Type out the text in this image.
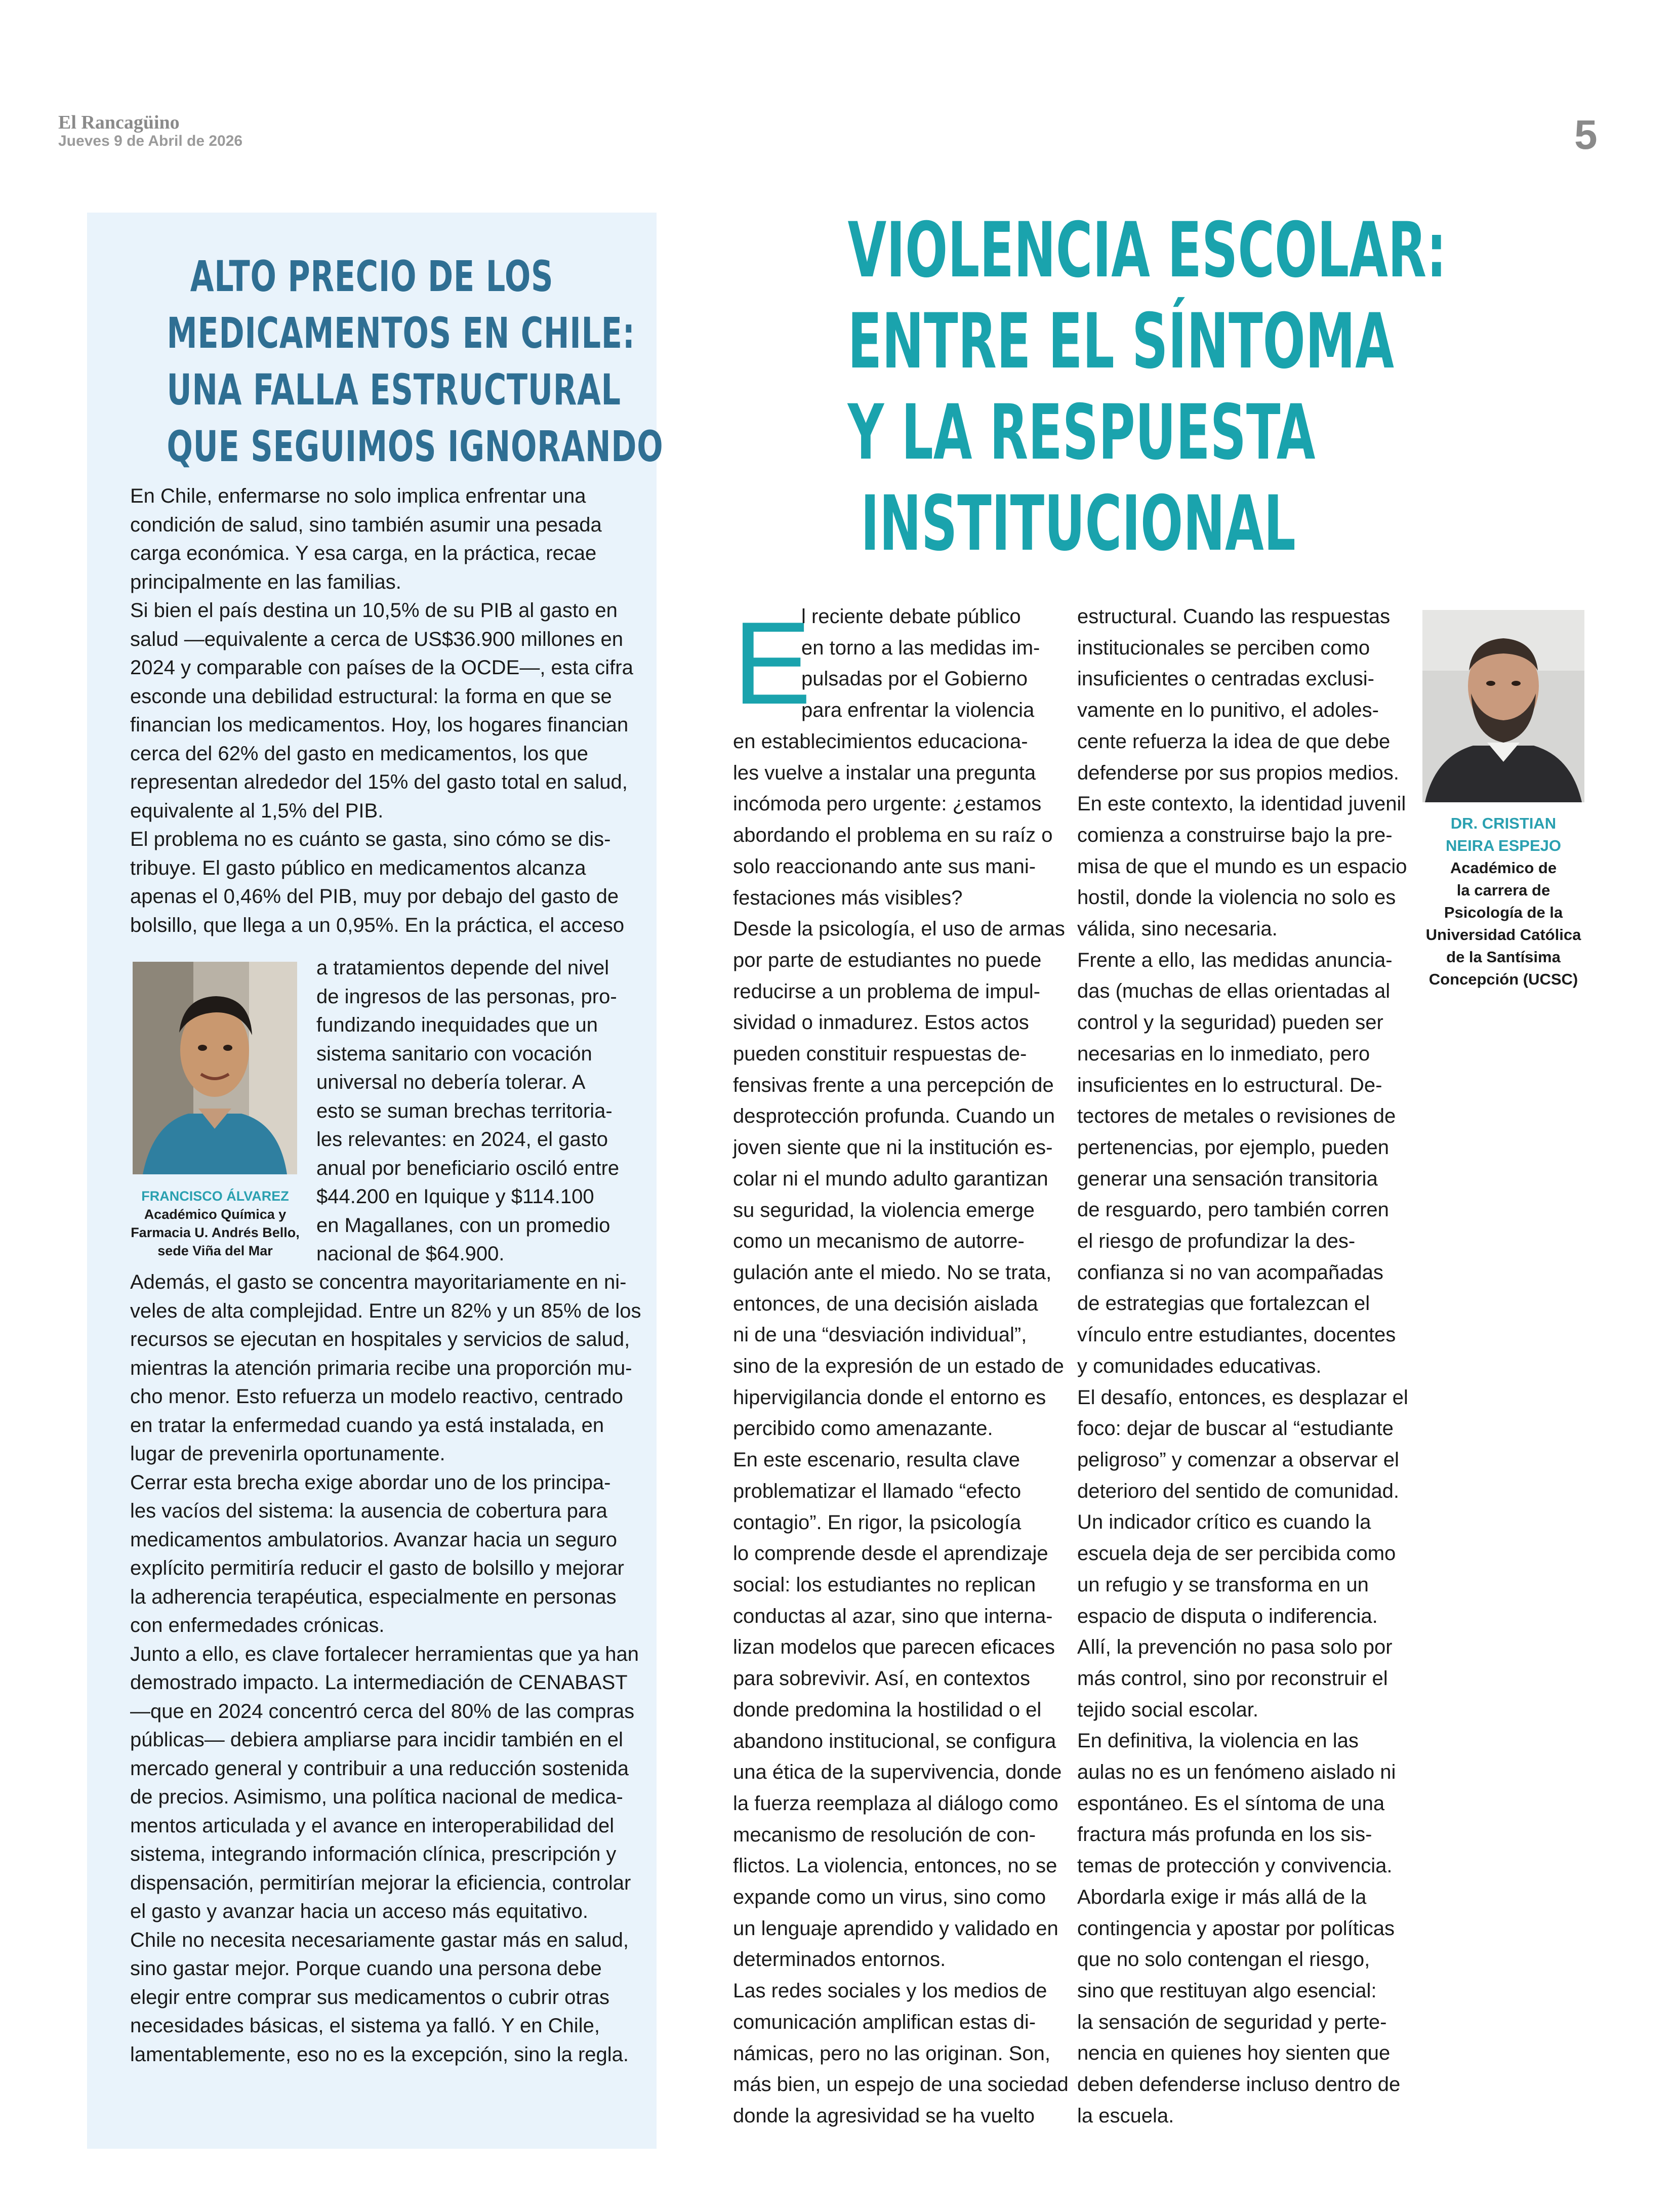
El Rancagüino
Jueves 9 de Abril de 2026	5
ALTO PRECIO DE LOS
MEDICAMENTOS EN CHILE:
UNA FALLA ESTRUCTURAL
QUE SEGUIMOS IGNORANDO
En Chile, enfermarse no solo implica enfrentar una
condición de salud, sino también asumir una pesada
carga económica. Y esa carga, en la práctica, recae
principalmente en las familias.
Si bien el país destina un 10,5% de su PIB al gasto en
salud —equivalente a cerca de US$36.900 millones en
2024 y comparable con países de la OCDE—, esta cifra
esconde una debilidad estructural: la forma en que se
financian los medicamentos. Hoy, los hogares financian
cerca del 62% del gasto en medicamentos, los que
representan alrededor del 15% del gasto total en salud,
equivalente al 1,5% del PIB.
El problema no es cuánto se gasta, sino cómo se dis-
tribuye. El gasto público en medicamentos alcanza
apenas el 0,46% del PIB, muy por debajo del gasto de
bolsillo, que llega a un 0,95%. En la práctica, el acceso
FRANCISCO ÁLVAREZ
Académico Química y
Farmacia U. Andrés Bello,
sede Viña del Mar
a tratamientos depende del nivel
de ingresos de las personas, pro-
fundizando inequidades que un
sistema sanitario con vocación
universal no debería tolerar. A
esto se suman brechas territoria-
les relevantes: en 2024, el gasto
anual por beneficiario osciló entre
$44.200 en Iquique y $114.100
en Magallanes, con un promedio
nacional de $64.900.
Además, el gasto se concentra mayoritariamente en ni-
veles de alta complejidad. Entre un 82% y un 85% de los
recursos se ejecutan en hospitales y servicios de salud,
mientras la atención primaria recibe una proporción mu-
cho menor. Esto refuerza un modelo reactivo, centrado
en tratar la enfermedad cuando ya está instalada, en
lugar de prevenirla oportunamente.
Cerrar esta brecha exige abordar uno de los principa-
les vacíos del sistema: la ausencia de cobertura para
medicamentos ambulatorios. Avanzar hacia un seguro
explícito permitiría reducir el gasto de bolsillo y mejorar
la adherencia terapéutica, especialmente en personas
con enfermedades crónicas.
Junto a ello, es clave fortalecer herramientas que ya han
demostrado impacto. La intermediación de CENABAST
—que en 2024 concentró cerca del 80% de las compras
públicas— debiera ampliarse para incidir también en el
mercado general y contribuir a una reducción sostenida
de precios. Asimismo, una política nacional de medica-
mentos articulada y el avance en interoperabilidad del
sistema, integrando información clínica, prescripción y
dispensación, permitirían mejorar la eficiencia, controlar
el gasto y avanzar hacia un acceso más equitativo.
Chile no necesita necesariamente gastar más en salud,
sino gastar mejor. Porque cuando una persona debe
elegir entre comprar sus medicamentos o cubrir otras
necesidades básicas, el sistema ya falló. Y en Chile,
lamentablemente, eso no es la excepción, sino la regla.
VIOLENCIA ESCOLAR:
ENTRE EL SÍNTOMA
Y LA RESPUESTA
INSTITUCIONAL
E
l reciente debate público
en torno a las medidas im-
pulsadas por el Gobierno
para enfrentar la violencia
en establecimientos educaciona-
les vuelve a instalar una pregunta
incómoda pero urgente: ¿estamos
abordando el problema en su raíz o
solo reaccionando ante sus mani-
festaciones más visibles?
Desde la psicología, el uso de armas
por parte de estudiantes no puede
reducirse a un problema de impul-
sividad o inmadurez. Estos actos
pueden constituir respuestas de-
fensivas frente a una percepción de
desprotección profunda. Cuando un
joven siente que ni la institución es-
colar ni el mundo adulto garantizan
su seguridad, la violencia emerge
como un mecanismo de autorre-
gulación ante el miedo. No se trata,
entonces, de una decisión aislada
ni de una “desviación individual”,
sino de la expresión de un estado de
hipervigilancia donde el entorno es
percibido como amenazante.
En este escenario, resulta clave
problematizar el llamado “efecto
contagio”. En rigor, la psicología
lo comprende desde el aprendizaje
social: los estudiantes no replican
conductas al azar, sino que interna-
lizan modelos que parecen eficaces
para sobrevivir. Así, en contextos
donde predomina la hostilidad o el
abandono institucional, se configura
una ética de la supervivencia, donde
la fuerza reemplaza al diálogo como
mecanismo de resolución de con-
flictos. La violencia, entonces, no se
expande como un virus, sino como
un lenguaje aprendido y validado en
determinados entornos.
Las redes sociales y los medios de
comunicación amplifican estas di-
námicas, pero no las originan. Son,
más bien, un espejo de una sociedad
donde la agresividad se ha vuelto
estructural. Cuando las respuestas
institucionales se perciben como
insuficientes o centradas exclusi-
vamente en lo punitivo, el adoles-
cente refuerza la idea de que debe
defenderse por sus propios medios.
En este contexto, la identidad juvenil
comienza a construirse bajo la pre-
misa de que el mundo es un espacio
hostil, donde la violencia no solo es
válida, sino necesaria.
Frente a ello, las medidas anuncia-
das (muchas de ellas orientadas al
control y la seguridad) pueden ser
necesarias en lo inmediato, pero
insuficientes en lo estructural. De-
tectores de metales o revisiones de
pertenencias, por ejemplo, pueden
generar una sensación transitoria
de resguardo, pero también corren
el riesgo de profundizar la des-
confianza si no van acompañadas
de estrategias que fortalezcan el
vínculo entre estudiantes, docentes
y comunidades educativas.
El desafío, entonces, es desplazar el
foco: dejar de buscar al “estudiante
peligroso” y comenzar a observar el
deterioro del sentido de comunidad.
Un indicador crítico es cuando la
escuela deja de ser percibida como
un refugio y se transforma en un
espacio de disputa o indiferencia.
Allí, la prevención no pasa solo por
más control, sino por reconstruir el
tejido social escolar.
En definitiva, la violencia en las
aulas no es un fenómeno aislado ni
espontáneo. Es el síntoma de una
fractura más profunda en los sis-
temas de protección y convivencia.
Abordarla exige ir más allá de la
contingencia y apostar por políticas
que no solo contengan el riesgo,
sino que restituyan algo esencial:
la sensación de seguridad y perte-
nencia en quienes hoy sienten que
deben defenderse incluso dentro de
la escuela.
DR. CRISTIAN
NEIRA ESPEJO
Académico de
la carrera de
Psicología de la
Universidad Católica
de la Santísima
Concepción (UCSC)
